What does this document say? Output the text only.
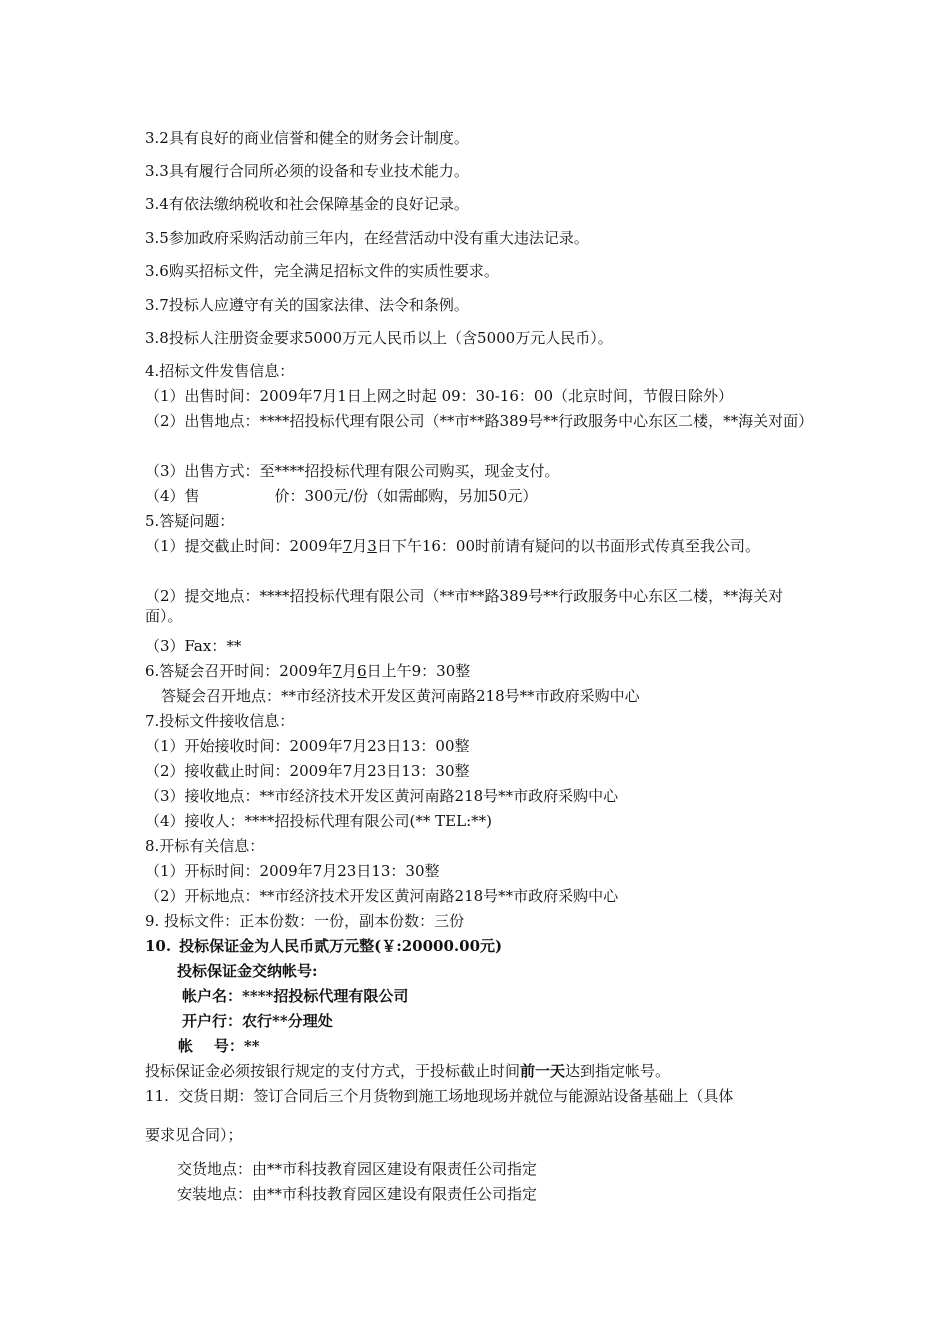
3.2具有良好的商业信誉和健全的财务会计制度。
3.3具有履行合同所必须的设备和专业技术能力。
3.4有依法缴纳税收和社会保障基金的良好记录。
3.5参加政府采购活动前三年内，在经营活动中没有重大违法记录。
3.6购买招标文件，完全满足招标文件的实质性要求。
3.7投标人应遵守有关的国家法律、法令和条例。
3.8投标人注册资金要求5000万元人民币以上（含5000万元人民币）。
4.招标文件发售信息：
（1）出售时间：2009年7月1日上网之时起 09：30-16：00（北京时间，节假日除外）
（2）出售地点：****招投标代理有限公司（**市**路389号**行政服务中心东区二楼，**海关对面）
（3）出售方式：至****招投标代理有限公司购买，现金支付。
（4）售	价：300元/份（如需邮购，另加50元）
5.答疑问题：
（1）提交截止时间：2009年7月3日下午16：00时前请有疑问的以书面形式传真至我公司。
（2）提交地点：****招投标代理有限公司（**市**路389号**行政服务中心东区二楼，**海关对面）。
（3）Fax：**
6.答疑会召开时间：2009年7月6日上午9：30整
答疑会召开地点：**市经济技术开发区黄河南路218号**市政府采购中心
7.投标文件接收信息：
（1）开始接收时间：2009年7月23日13：00整
（2）接收截止时间：2009年7月23日13：30整
（3）接收地点：**市经济技术开发区黄河南路218号**市政府采购中心
（4）接收人：****招投标代理有限公司(** TEL:**)
8.开标有关信息：
（1）开标时间：2009年7月23日13：30整
（2）开标地点：**市经济技术开发区黄河南路218号**市政府采购中心
9. 投标文件：正本份数：一份，副本份数：三份
10. 投标保证金为人民币贰万元整(￥:20000.00元)
投标保证金交纳帐号:
帐户名：****招投标代理有限公司
开户行：农行**分理处
帐    号：**
投标保证金必须按银行规定的支付方式，于投标截止时间前一天达到指定帐号。
11.  交货日期：签订合同后三个月货物到施工场地现场并就位与能源站设备基础上（具体
要求见合同）；
交货地点：由**市科技教育园区建设有限责任公司指定
安装地点：由**市科技教育园区建设有限责任公司指定
